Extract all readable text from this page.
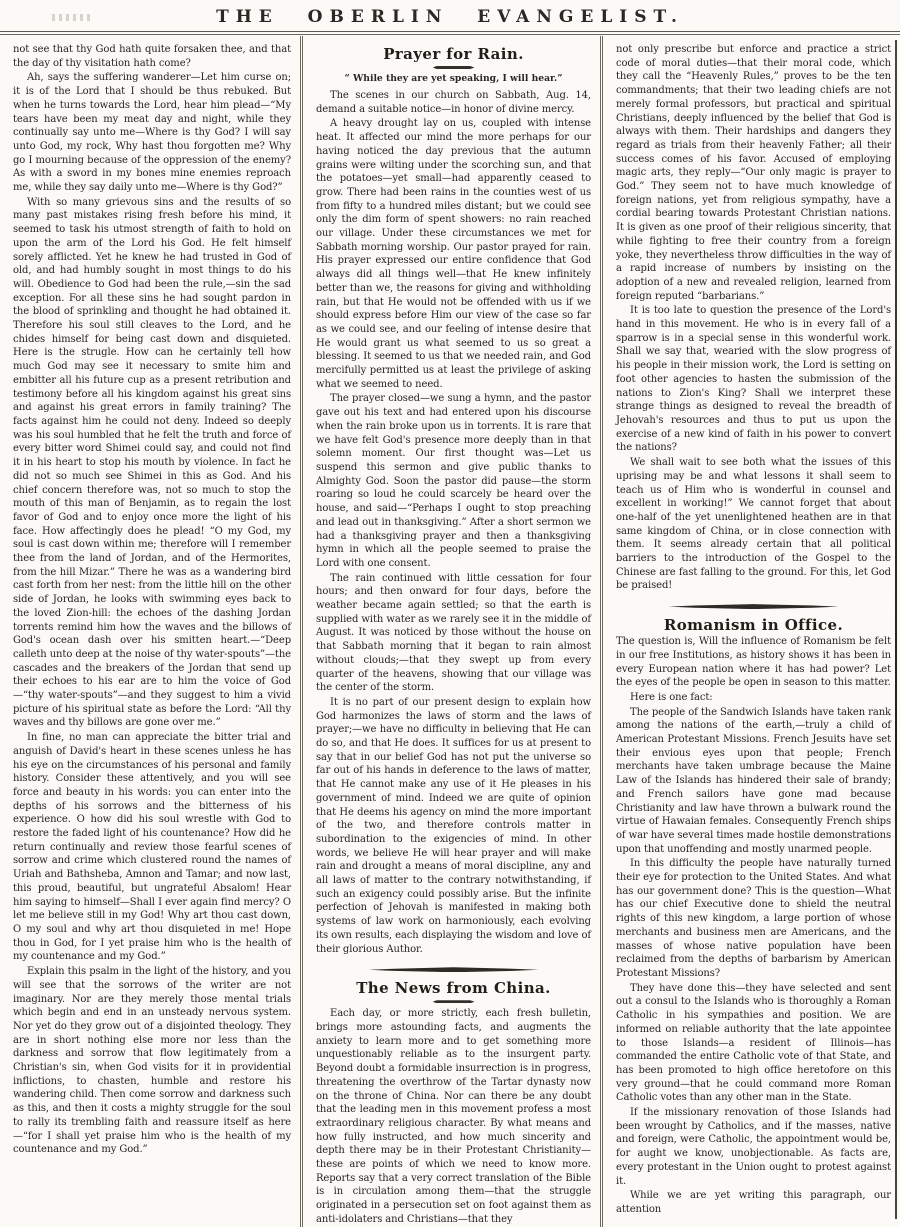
THE OBERLIN EVANGELIST.

not see that thy God hath quite forsaken thee, and that the day of thy visitation hath come?

Ah, says the suffering wanderer—Let him curse on; it is of the Lord that I should be thus rebuked. But when he turns towards the Lord, hear him plead—“My tears have been my meat day and night, while they continually say unto me—Where is thy God? I will say unto God, my rock, Why hast thou forgotten me? Why go I mourning because of the oppression of the enemy? As with a sword in my bones mine enemies reproach me, while they say daily unto me—Where is thy God?”

With so many grievous sins and the results of so many past mistakes rising fresh before his mind, it seemed to task his utmost strength of faith to hold on upon the arm of the Lord his God. He felt himself sorely afflicted. Yet he knew he had trusted in God of old, and had humbly sought in most things to do his will. Obedience to God had been the rule,—sin the sad exception. For all these sins he had sought pardon in the blood of sprinkling and thought he had obtained it. Therefore his soul still cleaves to the Lord, and he chides himself for being cast down and disquieted. Here is the strugle. How can he certainly tell how much God may see it necessary to smite him and embitter all his future cup as a present retribution and testimony before all his kingdom against his great sins and against his great errors in family training? The facts against him he could not deny. Indeed so deeply was his soul humbled that he felt the truth and force of every bitter word Shimei could say, and could not find it in his heart to stop his mouth by violence. In fact he did not so much see Shimei in this as God. And his chief concern therefore was, not so much to stop the mouth of this man of Benjamin, as to regain the lost favor of God and to enjoy once more the light of his face. How affectingly does he plead! “O my God, my soul is cast down within me; therefore will I remember thee from the land of Jordan, and of the Hermorites, from the hill Mizar.” There he was as a wandering bird cast forth from her nest: from the little hill on the other side of Jordan, he looks with swimming eyes back to the loved Zion-hill: the echoes of the dashing Jordan torrents remind him how the waves and the billows of God's ocean dash over his smitten heart.—“Deep calleth unto deep at the noise of thy water-spouts”—the cascades and the breakers of the Jordan that send up their echoes to his ear are to him the voice of God—“thy water-spouts”—and they suggest to him a vivid picture of his spiritual state as before the Lord: “All thy waves and thy billows are gone over me.”

In fine, no man can appreciate the bitter trial and anguish of David's heart in these scenes unless he has his eye on the circumstances of his personal and family history. Consider these attentively, and you will see force and beauty in his words: you can enter into the depths of his sorrows and the bitterness of his experience. O how did his soul wrestle with God to restore the faded light of his countenance? How did he return continually and review those fearful scenes of sorrow and crime which clustered round the names of Uriah and Bathsheba, Amnon and Tamar; and now last, this proud, beautiful, but ungrateful Absalom! Hear him saying to himself—Shall I ever again find mercy? O let me believe still in my God! Why art thou cast down, O my soul and why art thou disquieted in me! Hope thou in God, for I yet praise him who is the health of my countenance and my God.”

Explain this psalm in the light of the history, and you will see that the sorrows of the writer are not imaginary. Nor are they merely those mental trials which begin and end in an unsteady nervous system. Nor yet do they grow out of a disjointed theology. They are in short nothing else more nor less than the darkness and sorrow that flow legitimately from a Christian's sin, when God visits for it in providential inflictions, to chasten, humble and restore his wandering child. Then come sorrow and darkness such as this, and then it costs a mighty struggle for the soul to rally its trembling faith and reassure itself as here—“for I shall yet praise him who is the health of my countenance and my God.”

Prayer for Rain.
“ While they are yet speaking, I will hear.”

The scenes in our church on Sabbath, Aug. 14, demand a suitable notice—in honor of divine mercy.

A heavy drought lay on us, coupled with intense heat. It affected our mind the more perhaps for our having noticed the day previous that the autumn grains were wilting under the scorching sun, and that the potatoes—yet small—had apparently ceased to grow. There had been rains in the counties west of us from fifty to a hundred miles distant; but we could see only the dim form of spent showers: no rain reached our village. Under these circumstances we met for Sabbath morning worship. Our pastor prayed for rain. His prayer expressed our entire confidence that God always did all things well—that He knew infinitely better than we, the reasons for giving and withholding rain, but that He would not be offended with us if we should express before Him our view of the case so far as we could see, and our feeling of intense desire that He would grant us what seemed to us so great a blessing. It seemed to us that we needed rain, and God mercifully permitted us at least the privilege of asking what we seemed to need.

The prayer closed—we sung a hymn, and the pastor gave out his text and had entered upon his discourse when the rain broke upon us in torrents. It is rare that we have felt God's presence more deeply than in that solemn moment. Our first thought was—Let us suspend this sermon and give public thanks to Almighty God. Soon the pastor did pause—the storm roaring so loud he could scarcely be heard over the house, and said—“Perhaps I ought to stop preaching and lead out in thanksgiving.” After a short sermon we had a thanksgiving prayer and then a thanksgiving hymn in which all the people seemed to praise the Lord with one consent.

The rain continued with little cessation for four hours; and then onward for four days, before the weather became again settled; so that the earth is supplied with water as we rarely see it in the middle of August. It was noticed by those without the house on that Sabbath morning that it began to rain almost without clouds;—that they swept up from every quarter of the heavens, showing that our village was the center of the storm.

It is no part of our present design to explain how God harmonizes the laws of storm and the laws of prayer;—we have no difficulty in believing that He can do so, and that He does. It suffices for us at present to say that in our belief God has not put the universe so far out of his hands in deference to the laws of matter, that He cannot make any use of it He pleases in his government of mind. Indeed we are quite of opinion that He deems his agency on mind the more important of the two, and therefore controls matter in subordination to the exigencies of mind. In other words, we believe He will hear prayer and will make rain and drought a means of moral discipline, any and all laws of matter to the contrary notwithstanding, if such an exigency could possibly arise. But the infinite perfection of Jehovah is manifested in making both systems of law work on harmoniously, each evolving its own results, each displaying the wisdom and love of their glorious Author.

The News from China.

Each day, or more strictly, each fresh bulletin, brings more astounding facts, and augments the anxiety to learn more and to get something more unquestionably reliable as to the insurgent party. Beyond doubt a formidable insurrection is in progress, threatening the overthrow of the Tartar dynasty now on the throne of China. Nor can there be any doubt that the leading men in this movement profess a most extraordinary religious character. By what means and how fully instructed, and how much sincerity and depth there may be in their Protestant Christianity—these are points of which we need to know more. Reports say that a very correct translation of the Bible is in circulation among them—that the struggle originated in a persecution set on foot against them as anti-idolaters and Christians—that they

not only prescribe but enforce and practice a strict code of moral duties—that their moral code, which they call the “Heavenly Rules,” proves to be the ten commandments; that their two leading chiefs are not merely formal professors, but practical and spiritual Christians, deeply influenced by the belief that God is always with them. Their hardships and dangers they regard as trials from their heavenly Father; all their success comes of his favor. Accused of employing magic arts, they reply—“Our only magic is prayer to God.” They seem not to have much knowledge of foreign nations, yet from religious sympathy, have a cordial bearing towards Protestant Christian nations. It is given as one proof of their religious sincerity, that while fighting to free their country from a foreign yoke, they nevertheless throw difficulties in the way of a rapid increase of numbers by insisting on the adoption of a new and revealed religion, learned from foreign reputed “barbarians.”

It is too late to question the presence of the Lord's hand in this movement. He who is in every fall of a sparrow is in a special sense in this wonderful work. Shall we say that, wearied with the slow progress of his people in their mission work, the Lord is setting on foot other agencies to hasten the submission of the nations to Zion's King? Shall we interpret these strange things as designed to reveal the breadth of Jehovah's resources and thus to put us upon the exercise of a new kind of faith in his power to convert the nations?

We shall wait to see both what the issues of this uprising may be and what lessons it shall seem to teach us of Him who is wonderful in counsel and excellent in working!” We cannot forget that about one-half of the yet unenlightened heathen are in that same kingdom of China, or in close connection with them. It seems already certain that all political barriers to the introduction of the Gospel to the Chinese are fast falling to the ground. For this, let God be praised!

Romanism in Office.

The question is, Will the influence of Romanism be felt in our free Institutions, as history shows it has been in every European nation where it has had power? Let the eyes of the people be open in season to this matter.

Here is one fact:

The people of the Sandwich Islands have taken rank among the nations of the earth,—truly a child of American Protestant Missions. French Jesuits have set their envious eyes upon that people; French merchants have taken umbrage because the Maine Law of the Islands has hindered their sale of brandy; and French sailors have gone mad because Christianity and law have thrown a bulwark round the virtue of Hawaian females. Consequently French ships of war have several times made hostile demonstrations upon that unoffending and mostly unarmed people.

In this difficulty the people have naturally turned their eye for protection to the United States. And what has our government done? This is the question—What has our chief Executive done to shield the neutral rights of this new kingdom, a large portion of whose merchants and business men are Americans, and the masses of whose native population have been reclaimed from the depths of barbarism by American Protestant Missions?

They have done this—they have selected and sent out a consul to the Islands who is thoroughly a Roman Catholic in his sympathies and position. We are informed on reliable authority that the late appointee to those Islands—a resident of Illinois—has commanded the entire Catholic vote of that State, and has been promoted to high office heretofore on this very ground—that he could command more Roman Catholic votes than any other man in the State.

If the missionary renovation of those Islands had been wrought by Catholics, and if the masses, native and foreign, were Catholic, the appointment would be, for aught we know, unobjectionable. As facts are, every protestant in the Union ought to protest against it.

While we are yet writing this paragraph, our attention
